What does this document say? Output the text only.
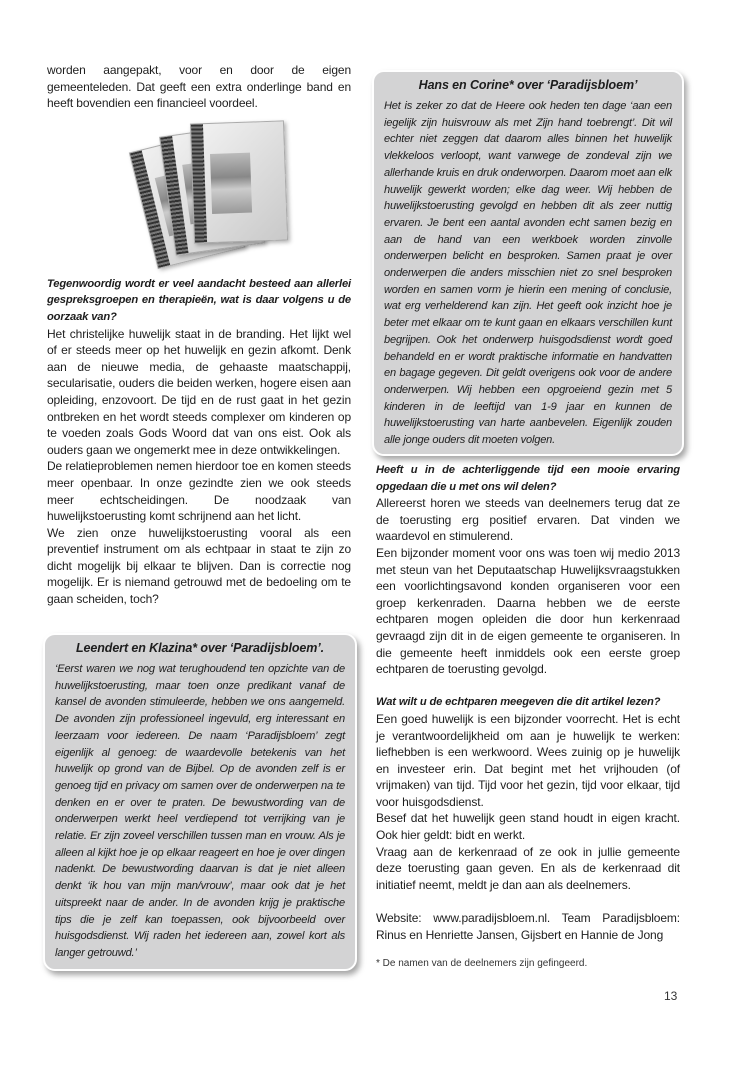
worden aangepakt, voor en door de eigen gemeenteleden. Dat geeft een extra onderlinge band en heeft bovendien een financieel voordeel.

Tegenwoordig wordt er veel aandacht besteed aan allerlei gespreksgroepen en therapieën, wat is daar volgens u de oorzaak van?

Het christelijke huwelijk staat in de branding. Het lijkt wel of er steeds meer op het huwelijk en gezin afkomt. Denk aan de nieuwe media, de gehaaste maatschappij, secularisatie, ouders die beiden werken, hogere eisen aan opleiding, enzovoort. De tijd en de rust gaat in het gezin ontbreken en het wordt steeds complexer om kinderen op te voeden zoals Gods Woord dat van ons eist. Ook als ouders gaan we ongemerkt mee in deze ontwikkelingen.

De relatieproblemen nemen hierdoor toe en komen steeds meer openbaar. In onze gezindte zien we ook steeds meer echtscheidingen. De noodzaak van huwelijkstoerusting komt schrijnend aan het licht.

We zien onze huwelijkstoerusting vooral als een preventief instrument om als echtpaar in staat te zijn zo dicht mogelijk bij elkaar te blijven. Dan is correctie nog mogelijk. Er is niemand getrouwd met de bedoeling om te gaan scheiden, toch?

Leendert en Klazina* over ‘Paradijsbloem’.

‘Eerst waren we nog wat terughoudend ten opzichte van de huwelijkstoerusting, maar toen onze predikant vanaf de kansel de avonden stimuleerde, hebben we ons aangemeld. De avonden zijn professioneel ingevuld, erg interessant en leerzaam voor iedereen. De naam ‘Paradijsbloem’ zegt eigenlijk al genoeg: de waardevolle betekenis van het huwelijk op grond van de Bijbel. Op de avonden zelf is er genoeg tijd en privacy om samen over de onderwerpen na te denken en er over te praten. De bewustwording van de onderwerpen werkt heel verdiepend tot verrijking van je relatie. Er zijn zoveel verschillen tussen man en vrouw. Als je alleen al kijkt hoe je op elkaar reageert en hoe je over dingen nadenkt. De bewustwording daarvan is dat je niet alleen denkt ‘ik hou van mijn man/vrouw’, maar ook dat je het uitspreekt naar de ander. In de avonden krijg je praktische tips die je zelf kan toepassen, ook bijvoorbeeld over huisgodsdienst. Wij raden het iedereen aan, zowel kort als langer getrouwd.’

Hans en Corine* over ‘Paradijsbloem’

Het is zeker zo dat de Heere ook heden ten dage ‘aan een iegelijk zijn huisvrouw als met Zijn hand toebrengt’. Dit wil echter niet zeggen dat daarom alles binnen het huwelijk vlekkeloos verloopt, want vanwege de zondeval zijn we allerhande kruis en druk onderworpen. Daarom moet aan elk huwelijk gewerkt worden; elke dag weer. Wij hebben de huwelijkstoerusting gevolgd en hebben dit als zeer nuttig ervaren. Je bent een aantal avonden echt samen bezig en aan de hand van een werkboek worden zinvolle onderwerpen belicht en besproken. Samen praat je over onderwerpen die anders misschien niet zo snel besproken worden en samen vorm je hierin een mening of conclusie, wat erg verhelderend kan zijn. Het geeft ook inzicht hoe je beter met elkaar om te kunt gaan en elkaars verschillen kunt begrijpen. Ook het onderwerp huisgodsdienst wordt goed behandeld en er wordt praktische informatie en handvatten en bagage gegeven. Dit geldt overigens ook voor de andere onderwerpen. Wij hebben een opgroeiend gezin met 5 kinderen in de leeftijd van 1-9 jaar en kunnen de huwelijkstoerusting van harte aanbevelen. Eigenlijk zouden alle jonge ouders dit moeten volgen.

Heeft u in de achterliggende tijd een mooie ervaring opgedaan die u met ons wil delen?

Allereerst horen we steeds van deelnemers terug dat ze de toerusting erg positief ervaren. Dat vinden we waardevol en stimulerend.

Een bijzonder moment voor ons was toen wij medio 2013 met steun van het Deputaatschap Huwelijksvraagstukken een voorlichtingsavond konden organiseren voor een groep kerkenraden. Daarna hebben we de eerste echtparen mogen opleiden die door hun kerkenraad gevraagd zijn dit in de eigen gemeente te organiseren. In die gemeente heeft inmiddels ook een eerste groep echtparen de toerusting gevolgd.

Wat wilt u de echtparen meegeven die dit artikel lezen?

Een goed huwelijk is een bijzonder voorrecht. Het is echt je verantwoordelijkheid om aan je huwelijk te werken: liefhebben is een werkwoord. Wees zuinig op je huwelijk en investeer erin. Dat begint met het vrijhouden (of vrijmaken) van tijd. Tijd voor het gezin, tijd voor elkaar, tijd voor huisgodsdienst.

Besef dat het huwelijk geen stand houdt in eigen kracht. Ook hier geldt: bidt en werkt.

Vraag aan de kerkenraad of ze ook in jullie gemeente deze toerusting gaan geven. En als de kerkenraad dit initiatief neemt, meldt je dan aan als deelnemers.

Website: www.paradijsbloem.nl. Team Paradijsbloem: Rinus en Henriette Jansen, Gijsbert en Hannie de Jong

* De namen van de deelnemers zijn gefingeerd.
13
